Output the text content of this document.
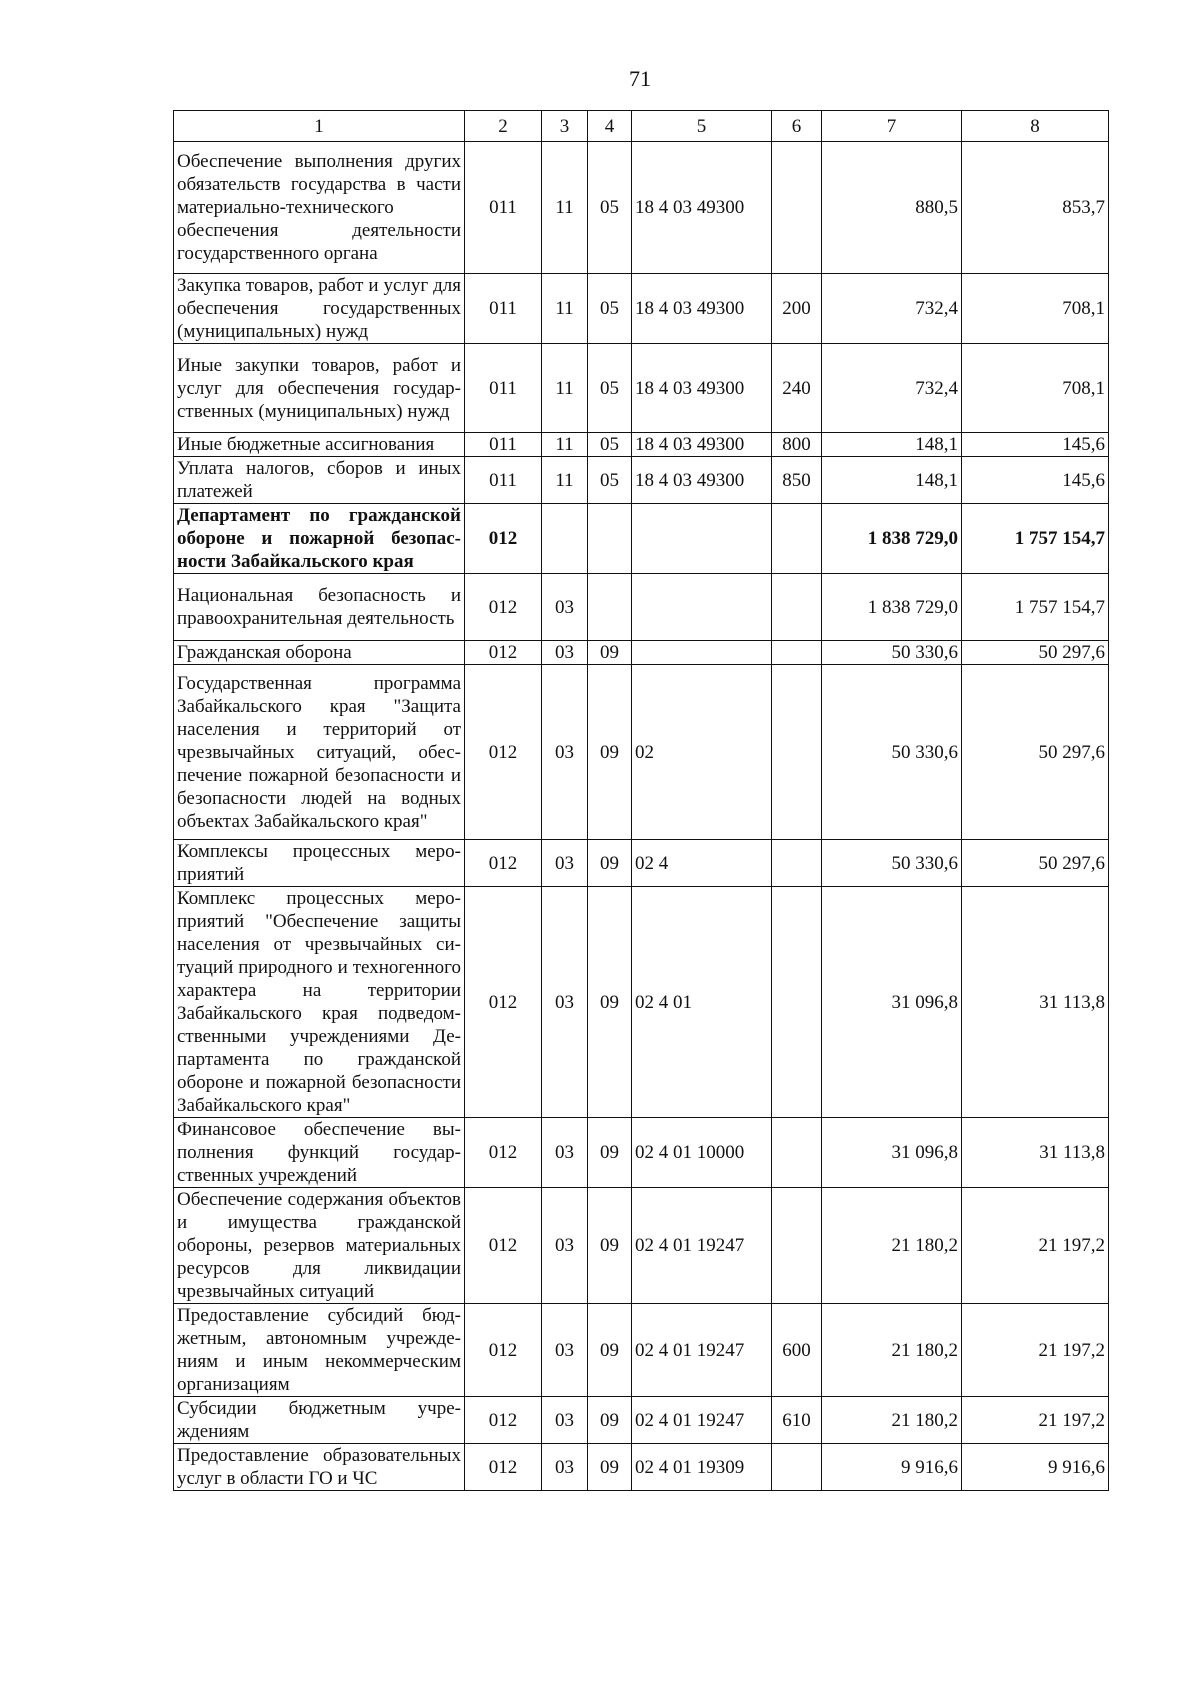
71
1	2	3	4	5	6	7	8
Обеспечение выполнения других обязательств государства в части материально-технического обеспечения деятельности государственного органа	011	11	05	18 4 03 49300		880,5	853,7
Закупка товаров, работ и услуг для обеспечения государственных (муниципальных) нужд	011	11	05	18 4 03 49300	200	732,4	708,1
Иные закупки товаров, работ и услуг для обеспечения государственных (муниципальных) нужд	011	11	05	18 4 03 49300	240	732,4	708,1
Иные бюджетные ассигнования	011	11	05	18 4 03 49300	800	148,1	145,6
Уплата налогов, сборов и иных платежей	011	11	05	18 4 03 49300	850	148,1	145,6
Департамент по гражданской обороне и пожарной безопасности Забайкальского края	012					1 838 729,0	1 757 154,7
Национальная безопасность и правоохранительная деятельность	012	03				1 838 729,0	1 757 154,7
Гражданская оборона	012	03	09			50 330,6	50 297,6
Государственная программа Забайкальского края "Защита населения и территорий от чрезвычайных ситуаций, обеспечение пожарной безопасности и безопасности людей на водных объектах Забайкальского края"	012	03	09	02		50 330,6	50 297,6
Комплексы процессных мероприятий	012	03	09	02 4		50 330,6	50 297,6
Комплекс процессных мероприятий "Обеспечение защиты населения от чрезвычайных ситуаций природного и техногенного характера на территории Забайкальского края подведомственными учреждениями Департамента по гражданской обороне и пожарной безопасности Забайкальского края"	012	03	09	02 4 01		31 096,8	31 113,8
Финансовое обеспечение выполнения функций государственных учреждений	012	03	09	02 4 01 10000		31 096,8	31 113,8
Обеспечение содержания объектов и имущества гражданской обороны, резервов материальных ресурсов для ликвидации чрезвычайных ситуаций	012	03	09	02 4 01 19247		21 180,2	21 197,2
Предоставление субсидий бюджетным, автономным учреждениям и иным некоммерческим организациям	012	03	09	02 4 01 19247	600	21 180,2	21 197,2
Субсидии бюджетным учреждениям	012	03	09	02 4 01 19247	610	21 180,2	21 197,2
Предоставление образовательных услуг в области ГО и ЧС	012	03	09	02 4 01 19309		9 916,6	9 916,6
